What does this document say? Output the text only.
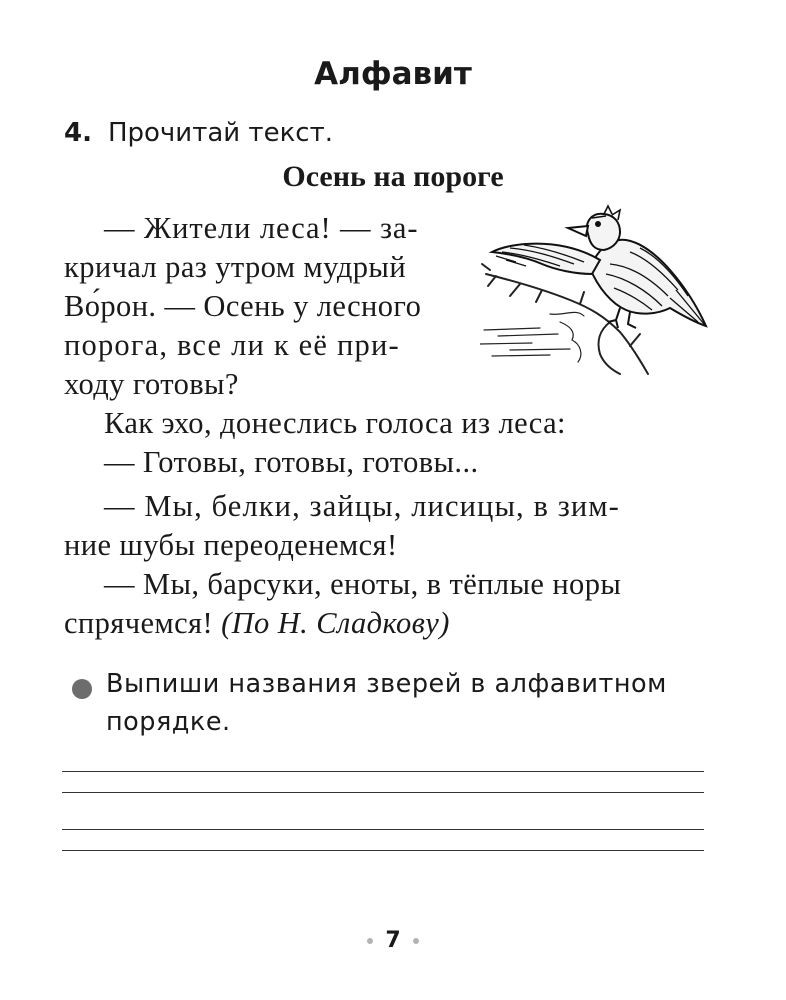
Алфавит
4. Прочитай текст.
Осень на пороге
— Жители леса! — за-
кричал раз утром мудрый
Во́рон. — Осень у лесного
порога, все ли к её при-
ходу готовы?
Как эхо, донеслись голоса из леса:
— Готовы, готовы, готовы...
— Мы, белки, зайцы, лисицы, в зим-
ние шубы переоденемся!
— Мы, барсуки, еноты, в тёплые норы
спрячемся! (По Н. Сладкову)
Выпиши названия зверей в алфавитном
порядке.
7
